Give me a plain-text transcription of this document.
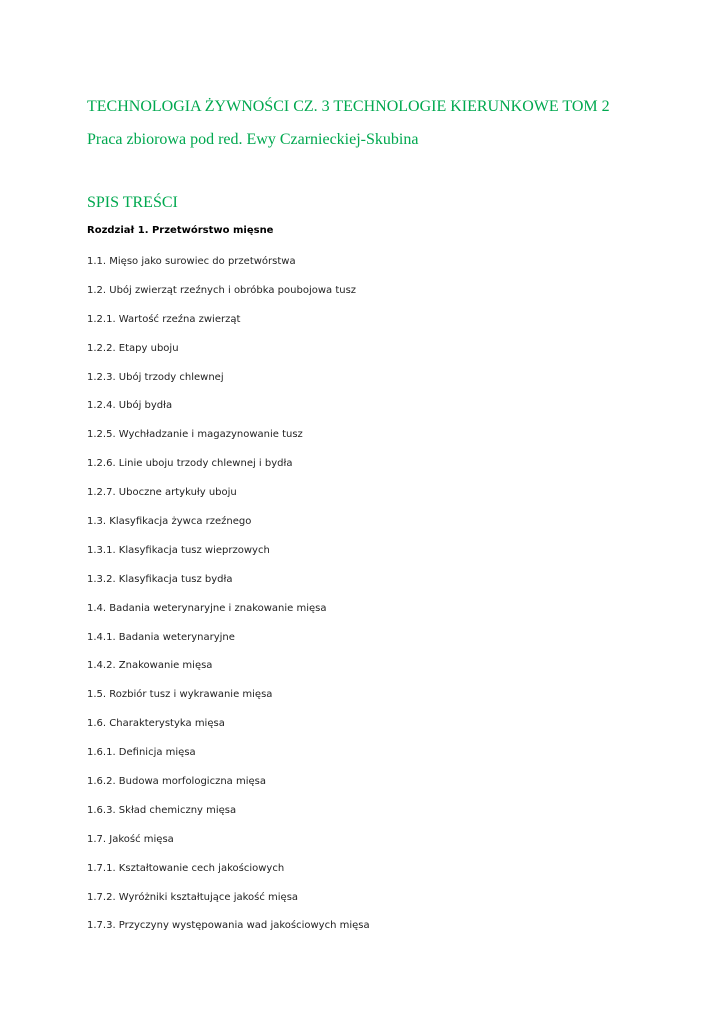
TECHNOLOGIA ŻYWNOŚCI CZ. 3 TECHNOLOGIE KIERUNKOWE TOM 2

Praca zbiorowa pod red. Ewy Czarnieckiej-Skubina

SPIS TREŚCI

Rozdział 1. Przetwórstwo mięsne

1.1. Mięso jako surowiec do przetwórstwa
1.2. Ubój zwierząt rzeźnych i obróbka poubojowa tusz
1.2.1. Wartość rzeźna zwierząt
1.2.2. Etapy uboju
1.2.3. Ubój trzody chlewnej
1.2.4. Ubój bydła
1.2.5. Wychładzanie i magazynowanie tusz
1.2.6. Linie uboju trzody chlewnej i bydła
1.2.7. Uboczne artykuły uboju
1.3. Klasyfikacja żywca rzeźnego
1.3.1. Klasyfikacja tusz wieprzowych
1.3.2. Klasyfikacja tusz bydła
1.4. Badania weterynaryjne i znakowanie mięsa
1.4.1. Badania weterynaryjne
1.4.2. Znakowanie mięsa
1.5. Rozbiór tusz i wykrawanie mięsa
1.6. Charakterystyka mięsa
1.6.1. Definicja mięsa
1.6.2. Budowa morfologiczna mięsa
1.6.3. Skład chemiczny mięsa
1.7. Jakość mięsa
1.7.1. Kształtowanie cech jakościowych
1.7.2. Wyróżniki kształtujące jakość mięsa
1.7.3. Przyczyny występowania wad jakościowych mięsa
